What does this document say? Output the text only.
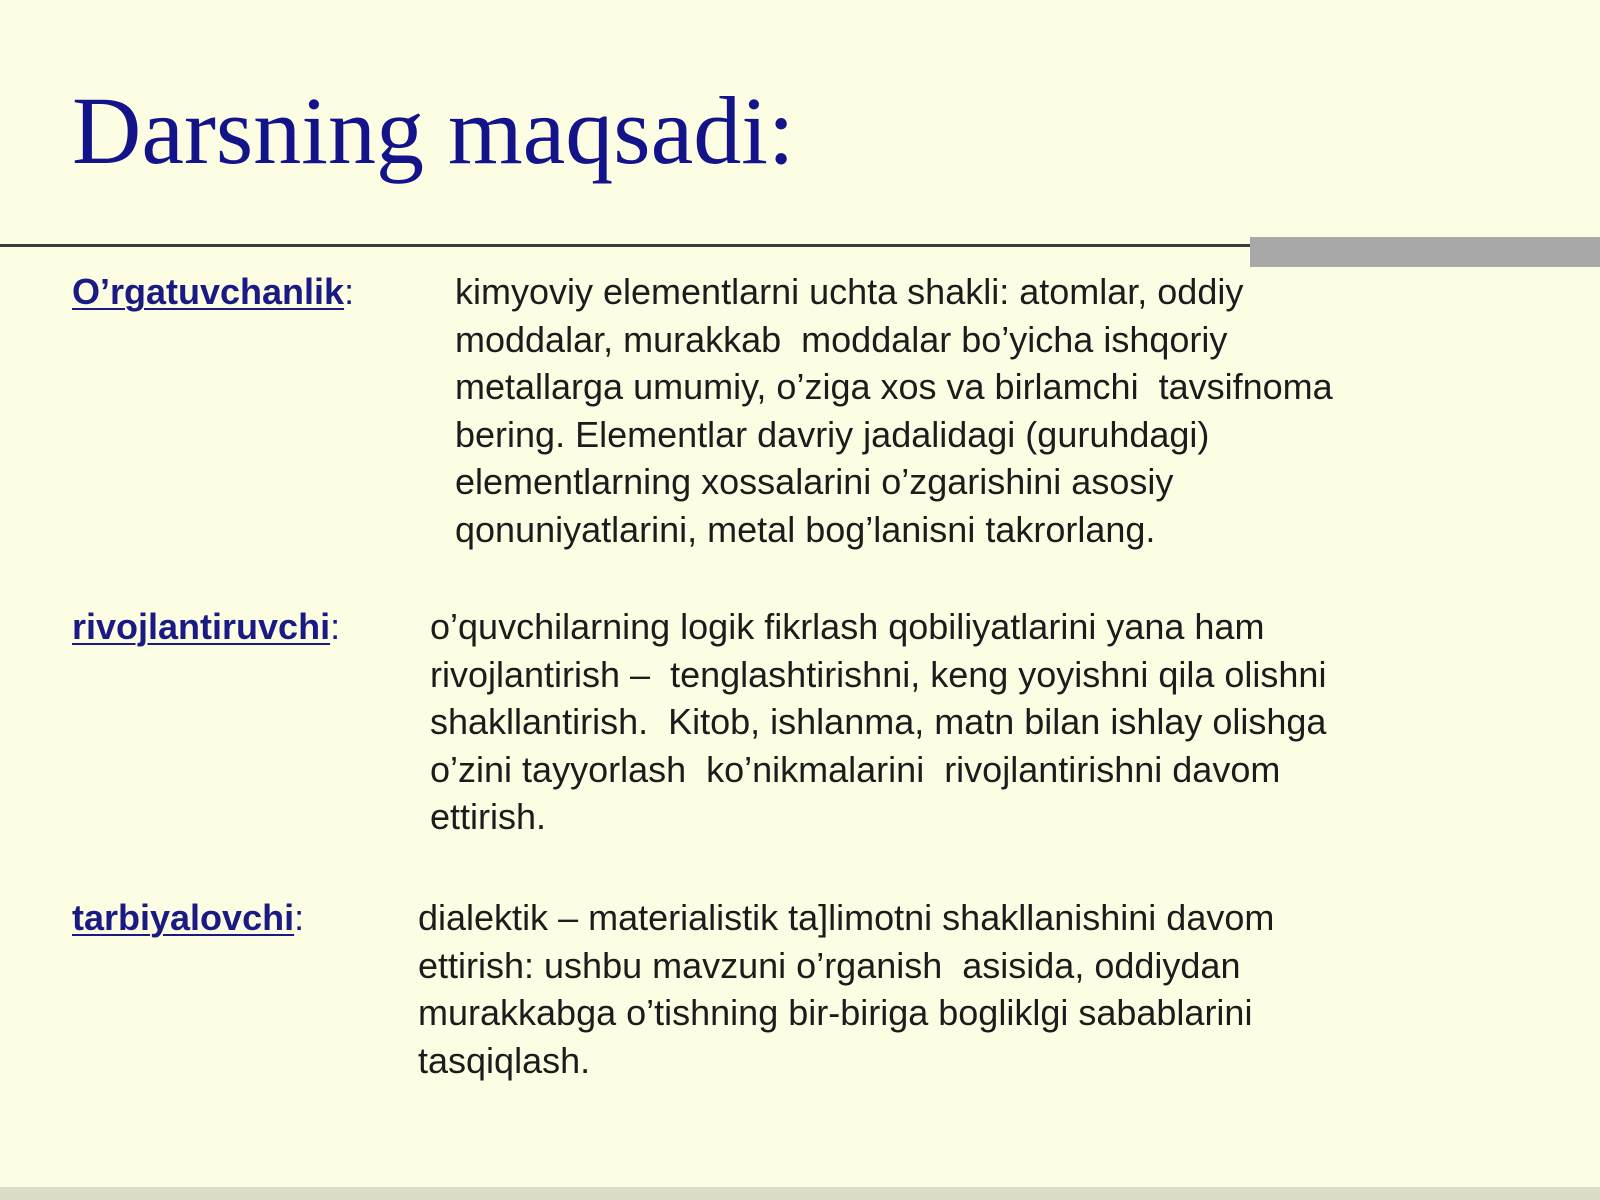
Darsning maqsadi:
O’rgatuvchanlik:	kimyoviy elementlarni uchta shakli: atomlar, oddiy
moddalar, murakkab  moddalar bo’yicha ishqoriy
metallarga umumiy, o’ziga xos va birlamchi  tavsifnoma
bering. Elementlar davriy jadalidagi (guruhdagi)
elementlarning xossalarini o’zgarishini asosiy
qonuniyatlarini, metal bog’lanisni takrorlang.
rivojlantiruvchi: o’quvchilarning logik fikrlash qobiliyatlarini yana ham
rivojlantirish –  tenglashtirishni, keng yoyishni qila olishni
shakllantirish.  Kitob, ishlanma, matn bilan ishlay olishga
o’zini tayyorlash  ko’nikmalarini  rivojlantirishni davom
ettirish.
tarbiyalovchi:	dialektik – materialistik ta]limotni shakllanishini davom
ettirish: ushbu mavzuni o’rganish  asisida, oddiydan
murakkabga o’tishning bir-biriga bogliklgi sabablarini
tasqiqlash.
